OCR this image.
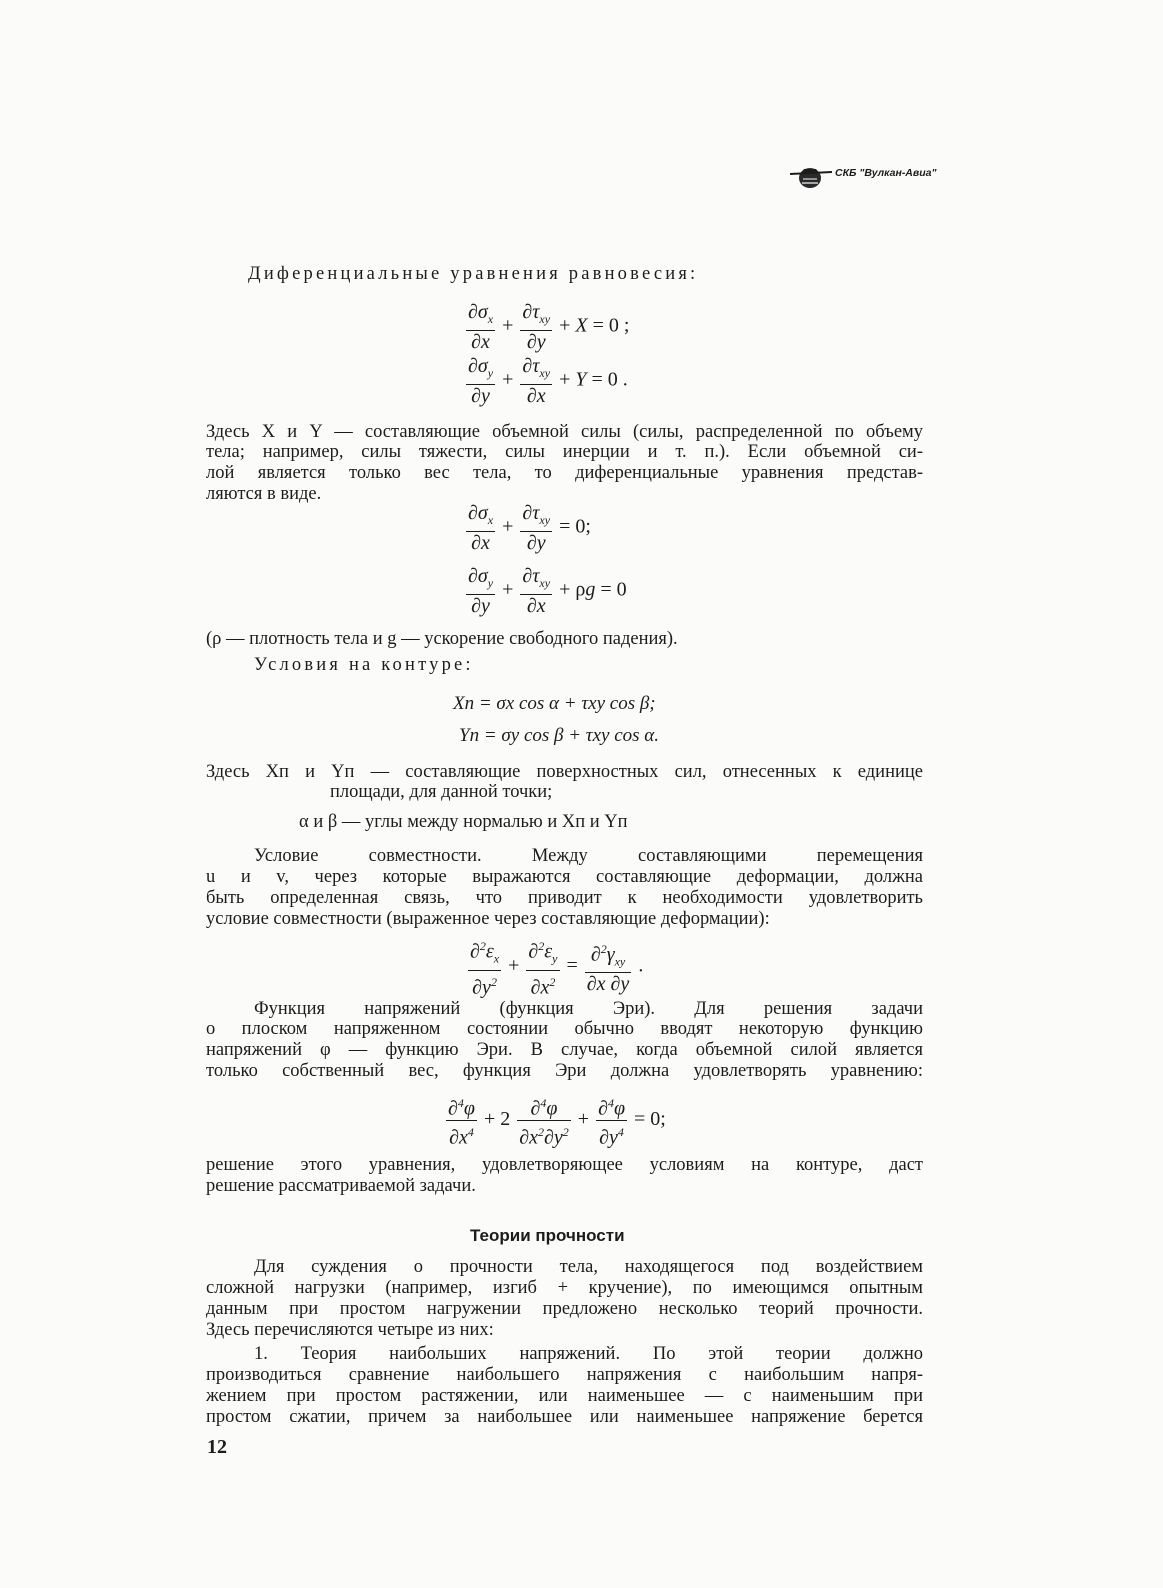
СКБ "Вулкан-Авиа"
Диференциальные уравнения равновесия:
$\frac{\partial\sigma_x}{\partial x} + \frac{\partial\tau_{xy}}{\partial y} + X = 0$ ;
$\frac{\partial\sigma_y}{\partial y} + \frac{\partial\tau_{xy}}{\partial x} + Y = 0$ .
Здесь X и Y — составляющие объемной силы (силы, распределенной по объему
тела; например, силы тяжести, силы инерции и т. п.). Если объемной си-
лой является только вес тела, то диференциальные уравнения представ-
ляются в виде.
$\frac{\partial\sigma_x}{\partial x} + \frac{\partial\tau_{xy}}{\partial y} = 0$;
$\frac{\partial\sigma_y}{\partial y} + \frac{\partial\tau_{xy}}{\partial x} + \rho g = 0$
(ρ — плотность тела и g — ускорение свободного падения).
Условия на контуре:
Xп = σx cos α + τxy cos β;
Yп = σy cos β + τxy cos α.
Здесь Xп и Yп — составляющие поверхностных сил, отнесенных к единице
площади, для данной точки;
α и β — углы между нормалью и Xп и Yп
Условие совместности. Между составляющими перемещения
u и v, через которые выражаются составляющие деформации, должна
быть определенная связь, что приводит к необходимости удовлетворить
условие совместности (выраженное через составляющие деформации):
$\frac{\partial^2\varepsilon_x}{\partial y^2} + \frac{\partial^2\varepsilon_y}{\partial x^2} = \frac{\partial^2\gamma_{xy}}{\partial x \partial y}$ .
Функция напряжений (функция Эри). Для решения задачи
о плоском напряженном состоянии обычно вводят некоторую функцию
напряжений φ — функцию Эри. В случае, когда объемной силой является
только собственный вес, функция Эри должна удовлетворять уравнению:
$\frac{\partial^4\varphi}{\partial x^4} + 2 \frac{\partial^4\varphi}{\partial x^2\partial y^2} + \frac{\partial^4\varphi}{\partial y^4} = 0$;
решение этого уравнения, удовлетворяющее условиям на контуре, даст
решение рассматриваемой задачи.
Теории прочности
Для суждения о прочности тела, находящегося под воздействием
сложной нагрузки (например, изгиб + кручение), по имеющимся опытным
данным при простом нагружении предложено несколько теорий прочности.
Здесь перечисляются четыре из них:
1. Теория наибольших напряжений. По этой теории должно
производиться сравнение наибольшего напряжения с наибольшим напря-
жением при простом растяжении, или наименьшее — с наименьшим при
простом сжатии, причем за наибольшее или наименьшее напряжение берется
12
